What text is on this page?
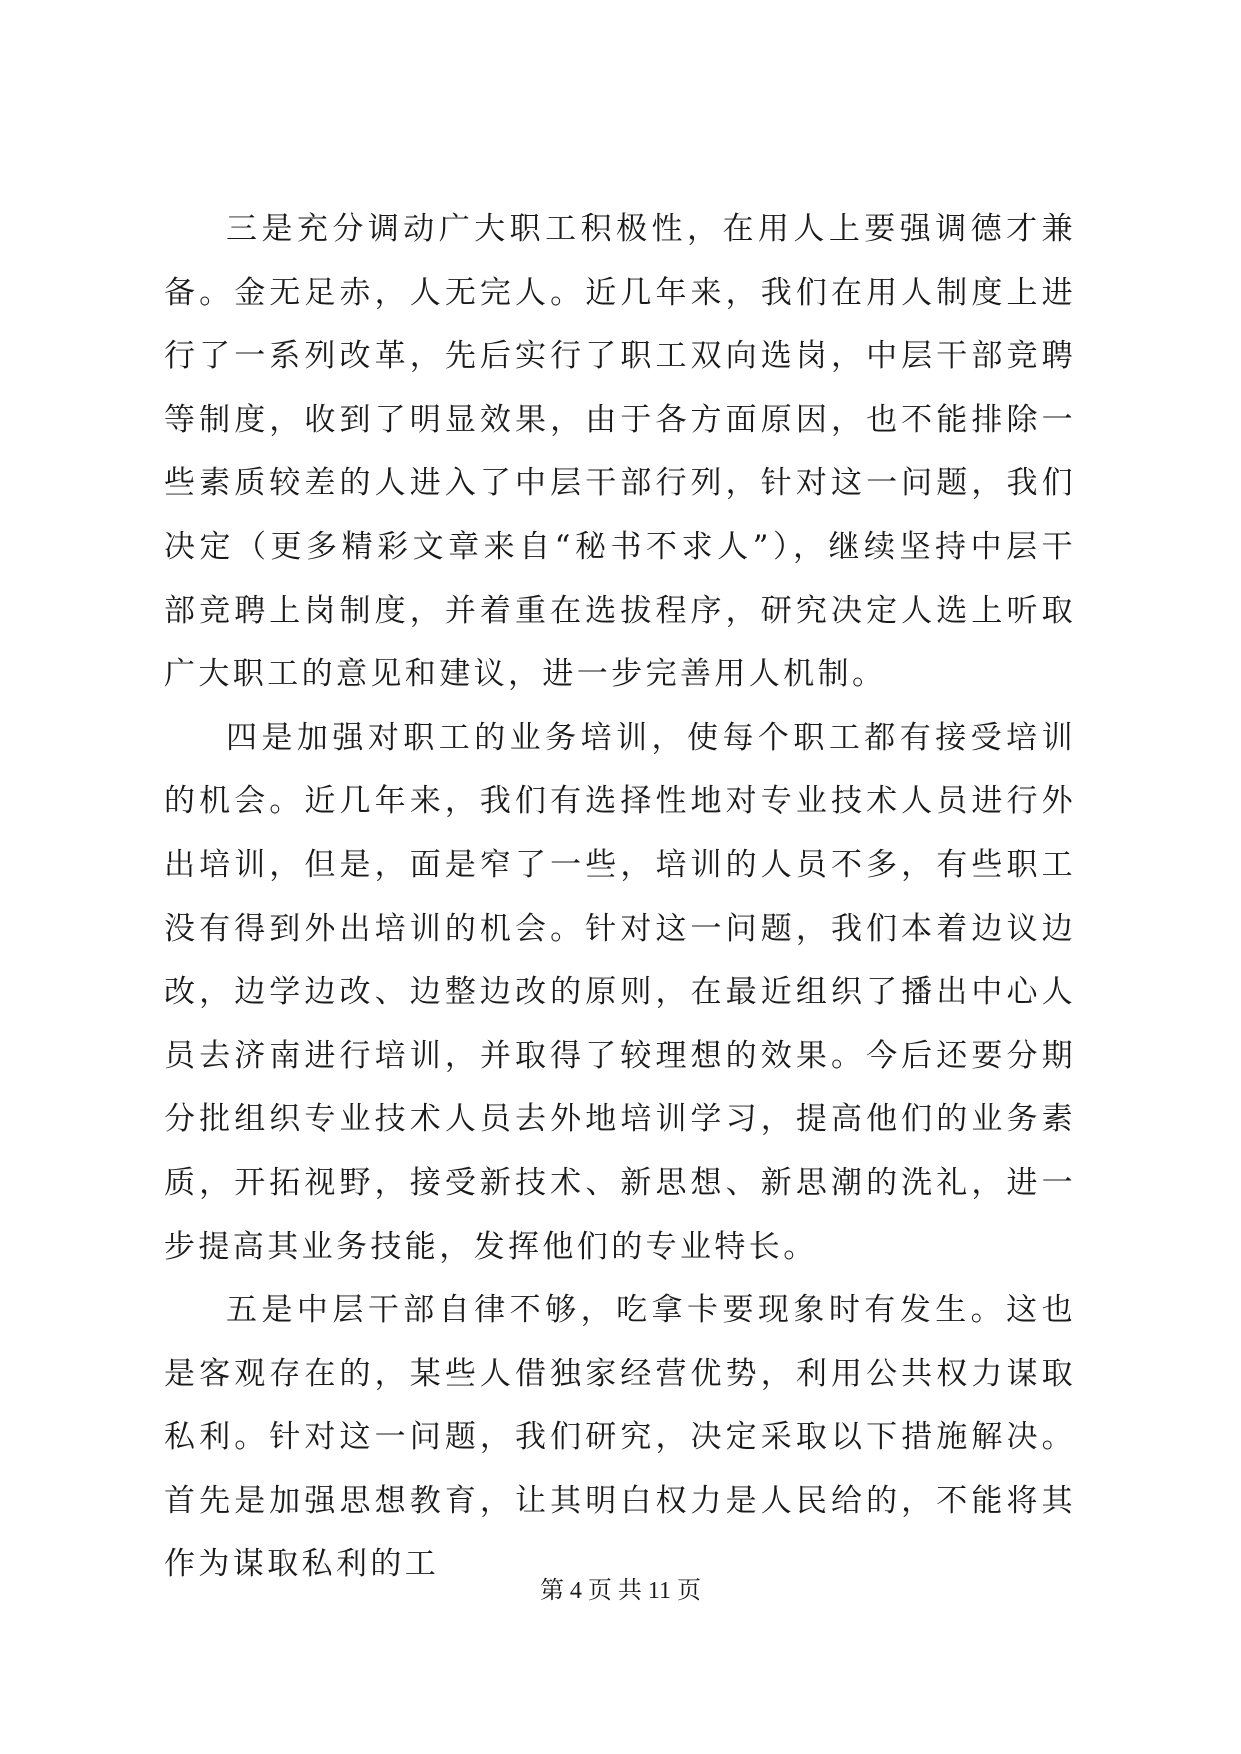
三是充分调动广大职工积极性，在用人上要强调德才兼备。金无足赤，人无完人。近几年来，我们在用人制度上进行了一系列改革，先后实行了职工双向选岗，中层干部竞聘等制度，收到了明显效果，由于各方面原因，也不能排除一些素质较差的人进入了中层干部行列，针对这一问题，我们决定（更多精彩文章来自“秘书不求人”），继续坚持中层干部竞聘上岗制度，并着重在选拔程序，研究决定人选上听取广大职工的意见和建议，进一步完善用人机制。

四是加强对职工的业务培训，使每个职工都有接受培训的机会。近几年来，我们有选择性地对专业技术人员进行外出培训，但是，面是窄了一些，培训的人员不多，有些职工没有得到外出培训的机会。针对这一问题，我们本着边议边改，边学边改、边整边改的原则，在最近组织了播出中心人员去济南进行培训，并取得了较理想的效果。今后还要分期分批组织专业技术人员去外地培训学习，提高他们的业务素质，开拓视野，接受新技术、新思想、新思潮的洗礼，进一步提高其业务技能，发挥他们的专业特长。

五是中层干部自律不够，吃拿卡要现象时有发生。这也是客观存在的，某些人借独家经营优势，利用公共权力谋取私利。针对这一问题，我们研究，决定采取以下措施解决。首先是加强思想教育，让其明白权力是人民给的，不能将其作为谋取私利的工

第 4 页 共 11 页
